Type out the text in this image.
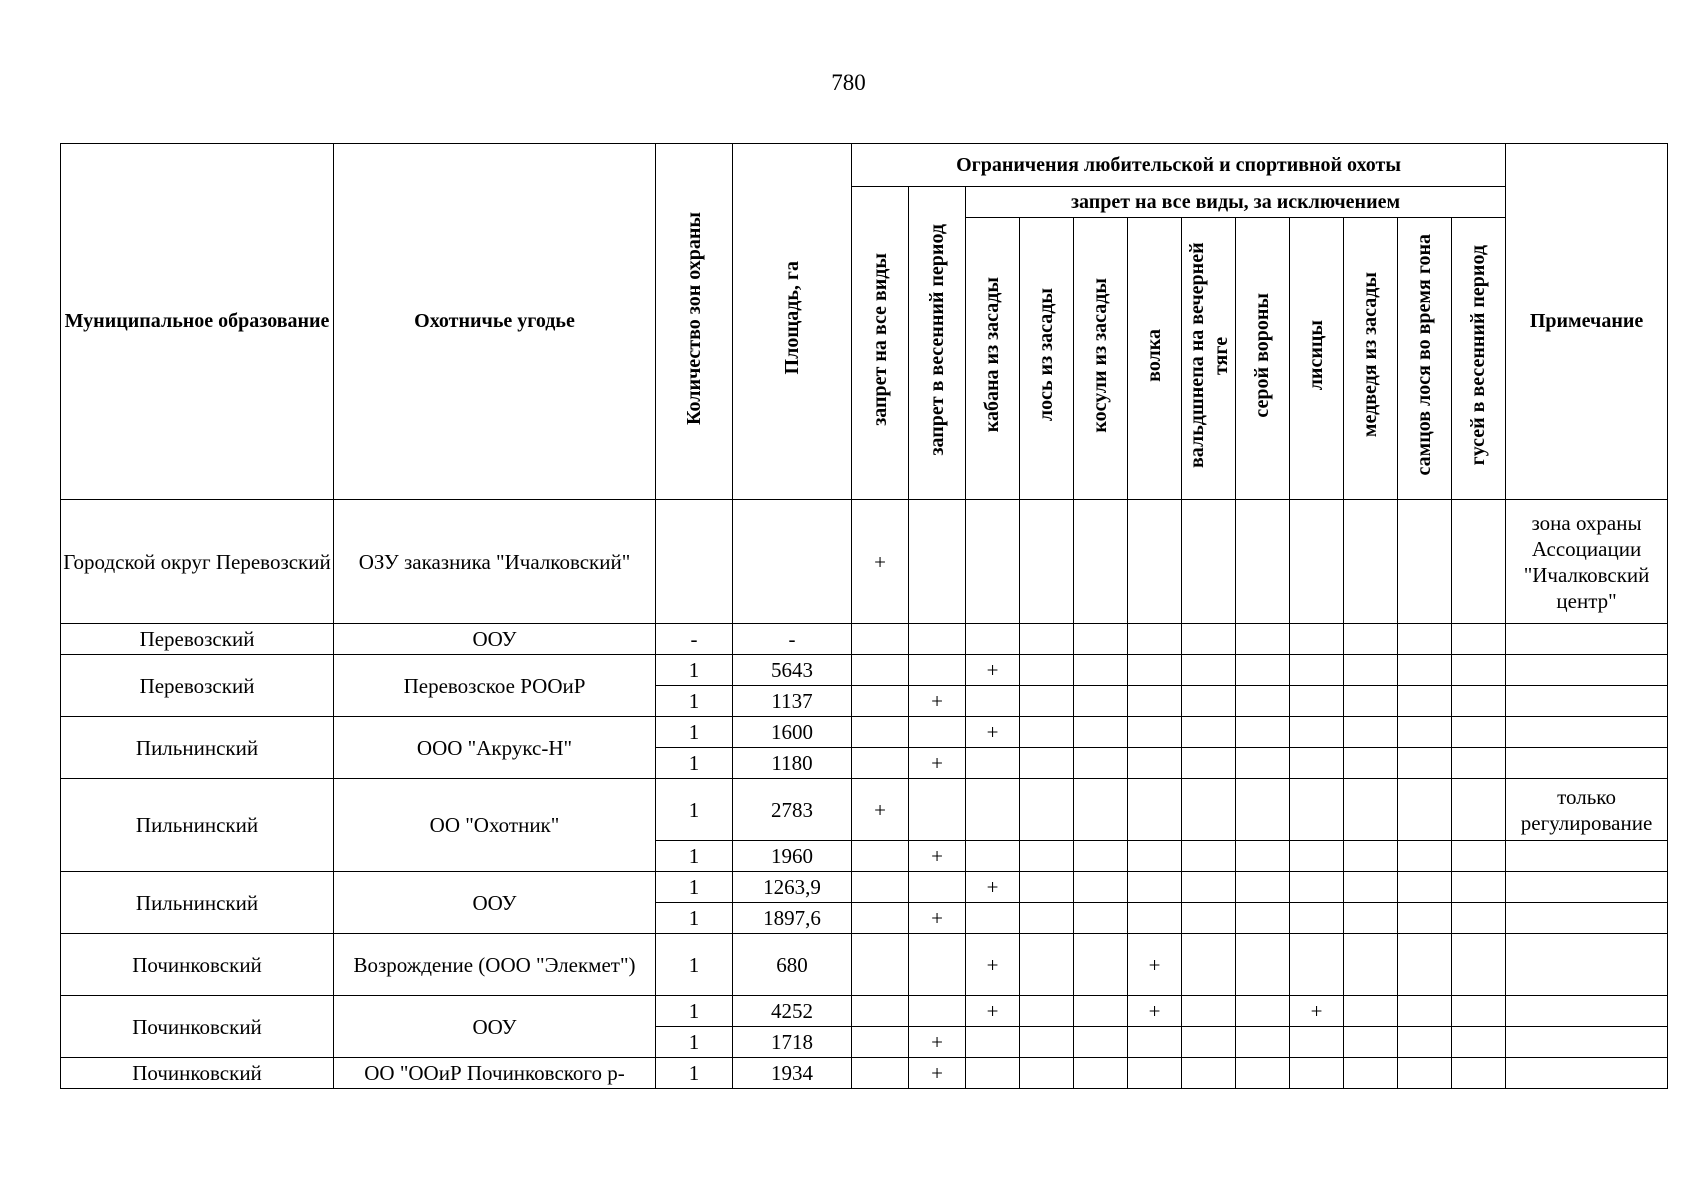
780
Муниципальное образование	Охотничье угодье	Количество зон охраны	Площадь, га	Ограничения любительской и спортивной охоты												Примечание
				запрет на все виды	запрет в весенний период	запрет на все виды, за исключением										
						кабана из засады	лось из засады	косули из засады	волка	вальдшнепа на вечерней тяге	серой вороны	лисицы	медведя из засады	самцов лося во время гона	гусей в весенний период	
Городской округ Перевозский	ОЗУ заказника "Ичалковский"			+												зона охраны Ассоциации "Ичалковский центр"
Перевозский	ООУ	-	-													
Перевозский	Перевозское РООиР	1	5643			+										
		1	1137		+											
Пильнинский	ООО "Акрукс-Н"	1	1600			+										
		1	1180		+											
Пильнинский	ОО "Охотник"	1	2783	+												только регулирование
		1	1960		+											
Пильнинский	ООУ	1	1263,9			+										
		1	1897,6		+											
Починковский	Возрождение (ООО "Элекмет")	1	680			+			+							
Починковский	ООУ	1	4252			+			+			+				
		1	1718		+											
Починковский	ОО "ООиР Починковского р-	1	1934		+											
